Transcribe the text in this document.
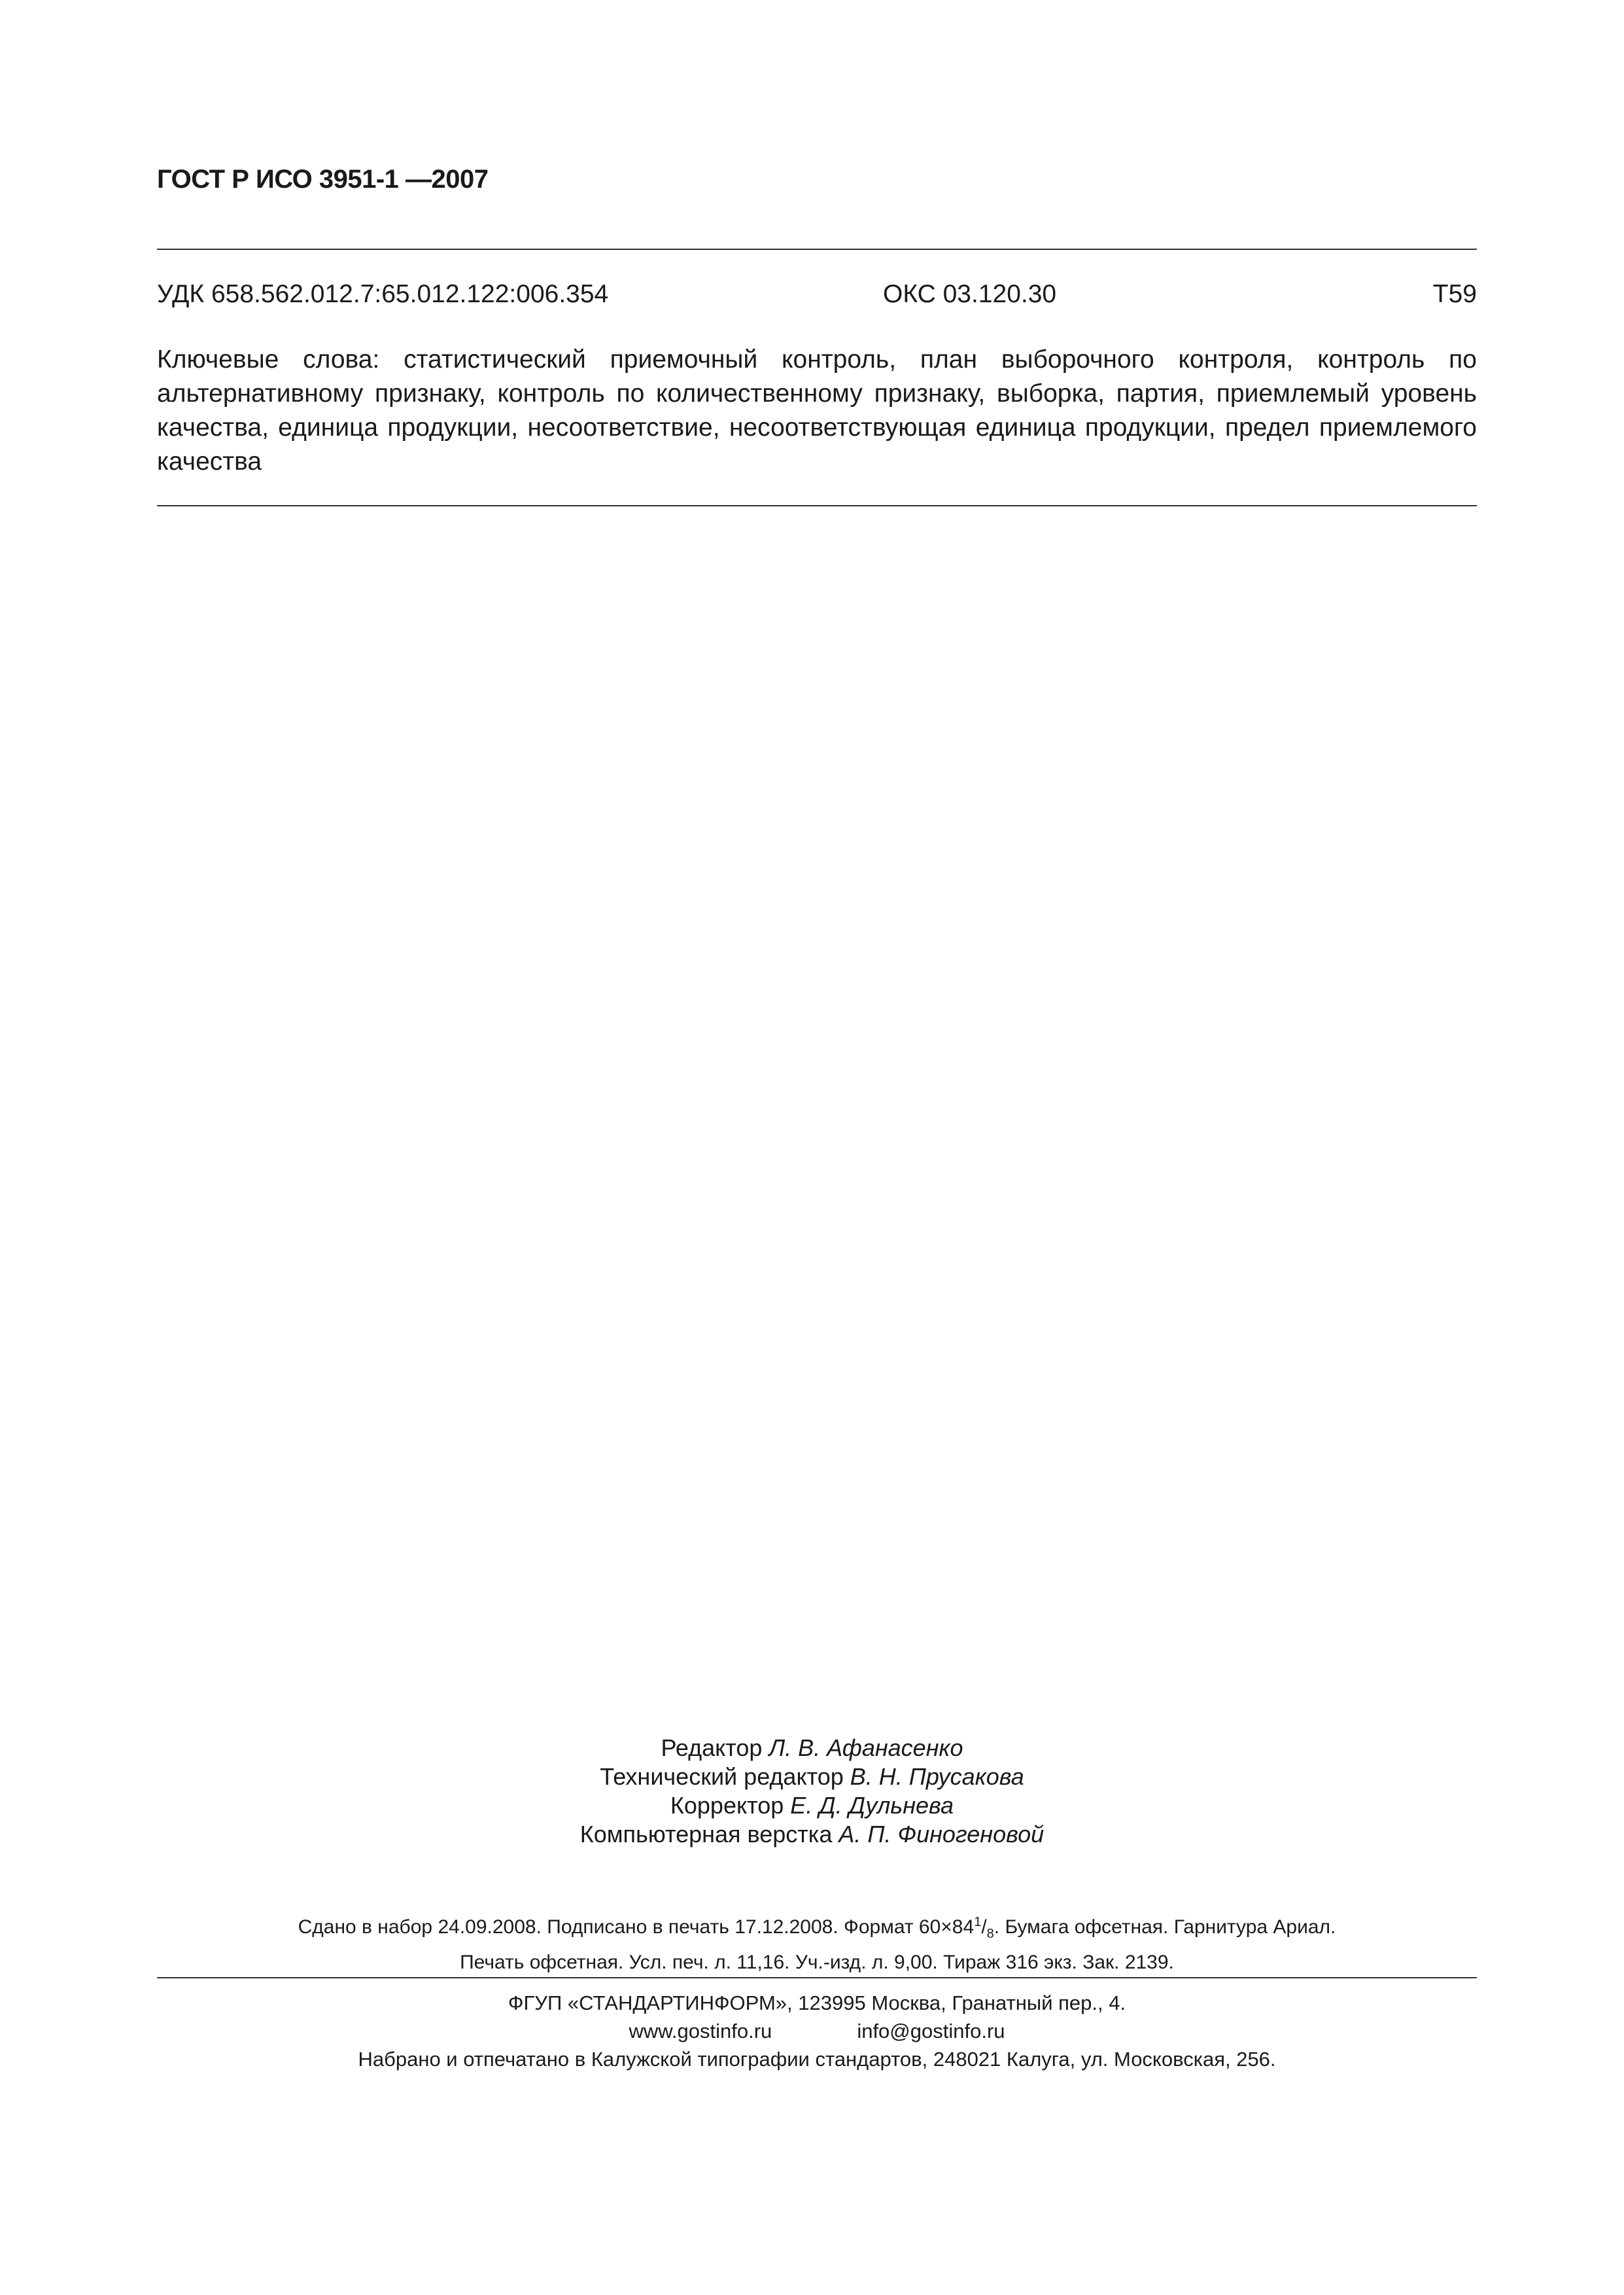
ГОСТ Р ИСО 3951-1 —2007
УДК 658.562.012.7:65.012.122:006.354	ОКС 03.120.30	Т59
Ключевые слова: статистический приемочный контроль, план выборочного контроля, контроль по альтернативному признаку, контроль по количественному признаку, выборка, партия, приемлемый уровень качества, единица продукции, несоответствие, несоответствующая единица продукции, предел приемлемого качества
Редактор Л. В. Афанасенко
Технический редактор В. Н. Прусакова
Корректор Е. Д. Дульнева
Компьютерная верстка А. П. Финогеновой
Сдано в набор 24.09.2008. Подписано в печать 17.12.2008. Формат $60\times 84^1/_8$. Бумага офсетная. Гарнитура Ариал.
Печать офсетная. Усл. печ. л. 11,16. Уч.-изд. л. 9,00. Тираж 316 экз. Зак. 2139.
ФГУП «СТАНДАРТИНФОРМ», 123995 Москва, Гранатный пер., 4.
www.gostinfo.ru	info@gostinfo.ru
Набрано и отпечатано в Калужской типографии стандартов, 248021 Калуга, ул. Московская, 256.
